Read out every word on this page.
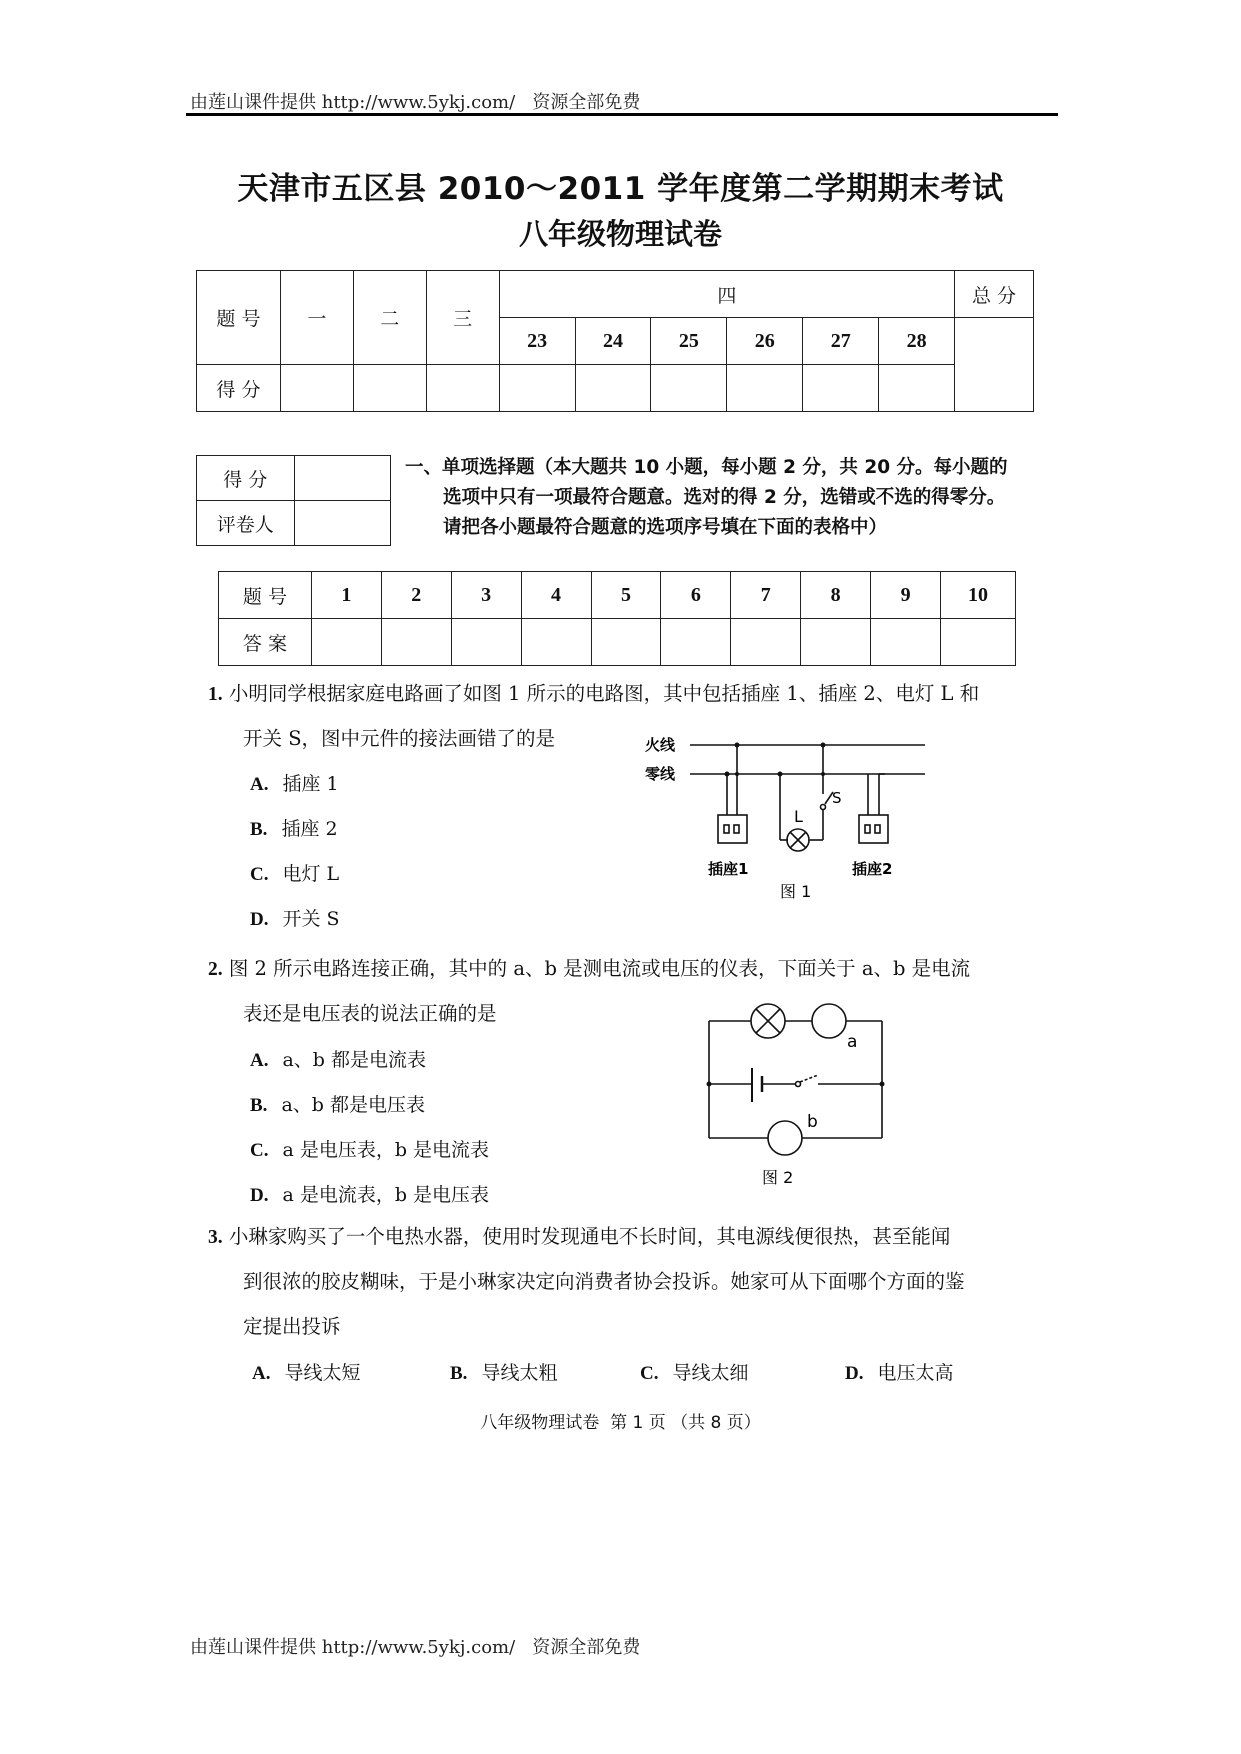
由莲山课件提供 http://www.5ykj.com/   资源全部免费
天津市五区县 2010～2011 学年度第二学期期末考试
八年级物理试卷
题 号	一	二	三	四						总 分
				23	24	25	26	27	28	
得 分										
得 分	
评卷人	
一、单项选择题（本大题共 10 小题，每小题 2 分，共 20 分。每小题的
选项中只有一项最符合题意。选对的得 2 分，选错或不选的得零分。
请把各小题最符合题意的选项序号填在下面的表格中）
题 号	1	2	3	4	5	6	7	8	9	10
答 案										
1. 小明同学根据家庭电路画了如图 1 所示的电路图，其中包括插座 1、插座 2、电灯 L 和
开关 S，图中元件的接法画错了的是
A. 插座 1
B. 插座 2
C. 电灯 L
D. 开关 S
火线
零线
L
S
插座1	插座2
图 1
2. 图 2 所示电路连接正确，其中的 a、b 是测电流或电压的仪表，下面关于 a、b 是电流
表还是电压表的说法正确的是
A. a、b 都是电流表
B. a、b 都是电压表
C. a 是电压表，b 是电流表
D. a 是电流表，b 是电压表
a
b
图 2
3. 小琳家购买了一个电热水器，使用时发现通电不长时间，其电源线便很热，甚至能闻
到很浓的胶皮糊味，于是小琳家决定向消费者协会投诉。她家可从下面哪个方面的鉴
定提出投诉
A. 导线太短	B. 导线太粗	C. 导线太细	D. 电压太高
八年级物理试卷  第 1 页 （共 8 页）
由莲山课件提供 http://www.5ykj.com/   资源全部免费
